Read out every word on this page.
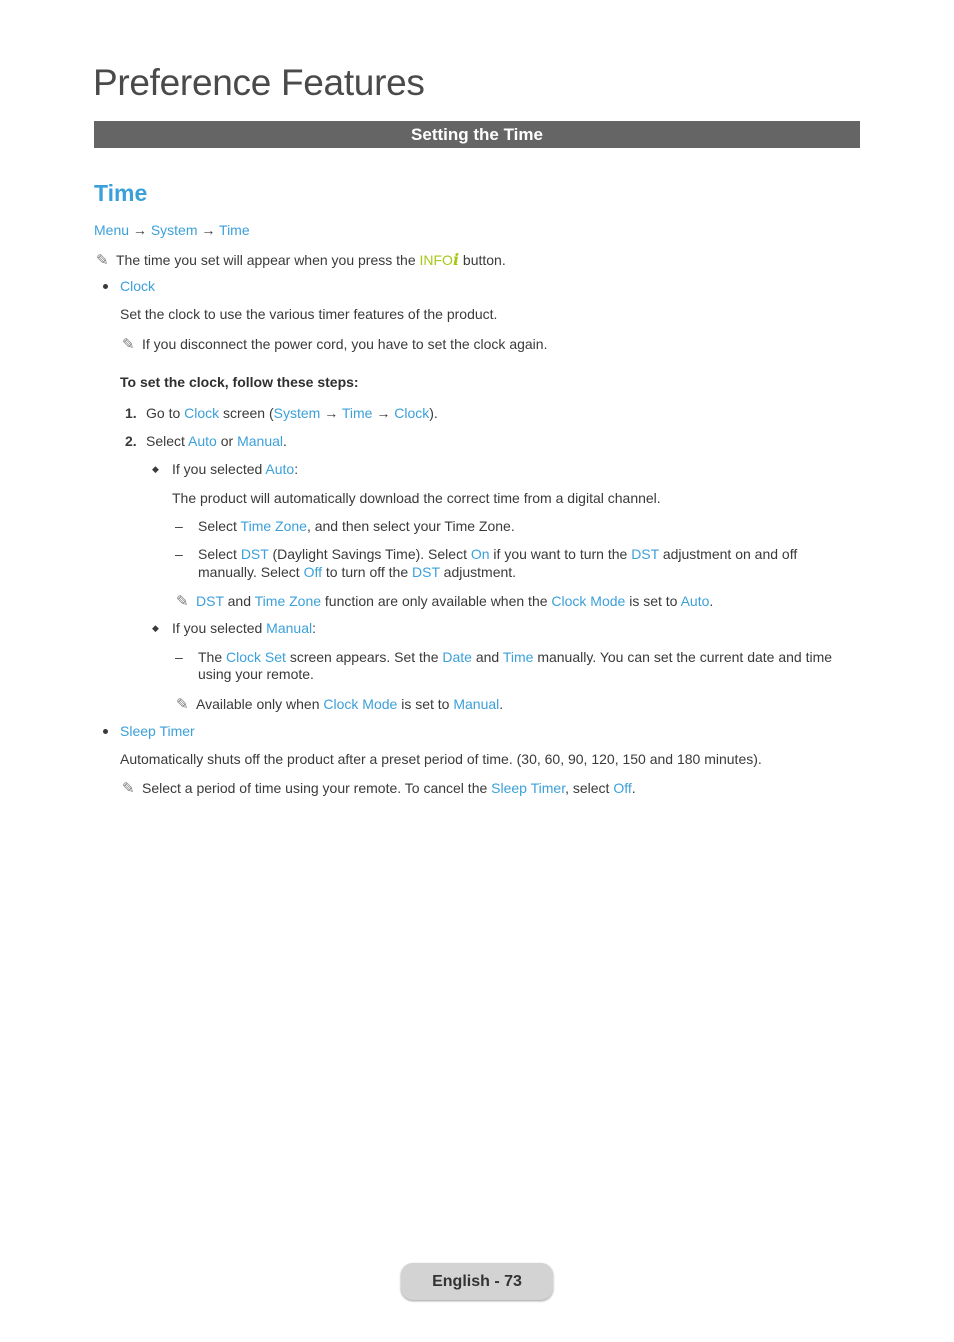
Preference Features
Setting the Time
Time
Menu → System → Time
✎ The time you set will appear when you press the INFOi button.
Clock
Set the clock to use the various timer features of the product.
✎ If you disconnect the power cord, you have to set the clock again.
To set the clock, follow these steps:
1. Go to Clock screen (System → Time → Clock).
2. Select Auto or Manual.
◆ If you selected Auto:
The product will automatically download the correct time from a digital channel.
– Select Time Zone, and then select your Time Zone.
– Select DST (Daylight Savings Time). Select On if you want to turn the DST adjustment on and off
manually. Select Off to turn off the DST adjustment.
✎ DST and Time Zone function are only available when the Clock Mode is set to Auto.
◆ If you selected Manual:
– The Clock Set screen appears. Set the Date and Time manually. You can set the current date and time
using your remote.
✎ Available only when Clock Mode is set to Manual.
Sleep Timer
Automatically shuts off the product after a preset period of time. (30, 60, 90, 120, 150 and 180 minutes).
✎ Select a period of time using your remote. To cancel the Sleep Timer, select Off.
English - 73
